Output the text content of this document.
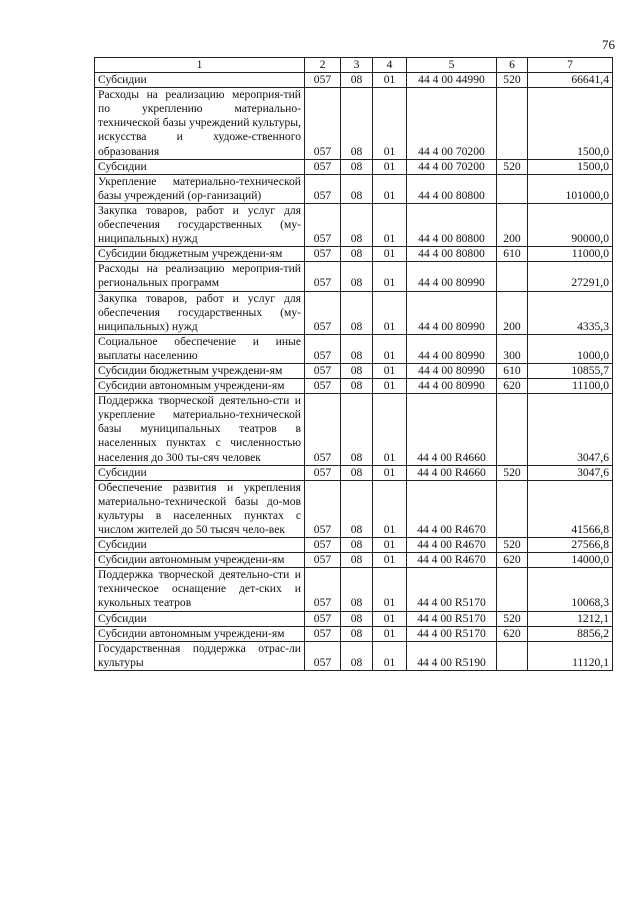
76
1	2	3	4	5	6	7
Субсидии	057	08	01	44 4 00 44990	520	66641,4
Расходы на реализацию мероприя-тий по укреплению материально-технической базы учреждений культуры, искусства и художе-ственного образования	057	08	01	44 4 00 70200		1500,0
Субсидии	057	08	01	44 4 00 70200	520	1500,0
Укрепление материально-технической базы учреждений (ор-ганизаций)	057	08	01	44 4 00 80800		101000,0
Закупка товаров, работ и услуг для обеспечения государственных (му-ниципальных) нужд	057	08	01	44 4 00 80800	200	90000,0
Субсидии бюджетным учреждени-ям	057	08	01	44 4 00 80800	610	11000,0
Расходы на реализацию мероприя-тий региональных программ	057	08	01	44 4 00 80990		27291,0
Закупка товаров, работ и услуг для обеспечения государственных (му-ниципальных) нужд	057	08	01	44 4 00 80990	200	4335,3
Социальное обеспечение и иные выплаты населению	057	08	01	44 4 00 80990	300	1000,0
Субсидии бюджетным учреждени-ям	057	08	01	44 4 00 80990	610	10855,7
Субсидии автономным учреждени-ям	057	08	01	44 4 00 80990	620	11100,0
Поддержка творческой деятельно-сти и укрепление материально-технической базы муниципальных театров в населенных пунктах с численностью населения до 300 ты-сяч человек	057	08	01	44 4 00 R4660		3047,6
Субсидии	057	08	01	44 4 00 R4660	520	3047,6
Обеспечение развития и укрепления материально-технической базы до-мов культуры в населенных пунктах с числом жителей до 50 тысяч чело-век	057	08	01	44 4 00 R4670		41566,8
Субсидии	057	08	01	44 4 00 R4670	520	27566,8
Субсидии автономным учреждени-ям	057	08	01	44 4 00 R4670	620	14000,0
Поддержка творческой деятельно-сти и техническое оснащение дет-ских и кукольных театров	057	08	01	44 4 00 R5170		10068,3
Субсидии	057	08	01	44 4 00 R5170	520	1212,1
Субсидии автономным учреждени-ям	057	08	01	44 4 00 R5170	620	8856,2
Государственная поддержка отрас-ли культуры	057	08	01	44 4 00 R5190		11120,1
